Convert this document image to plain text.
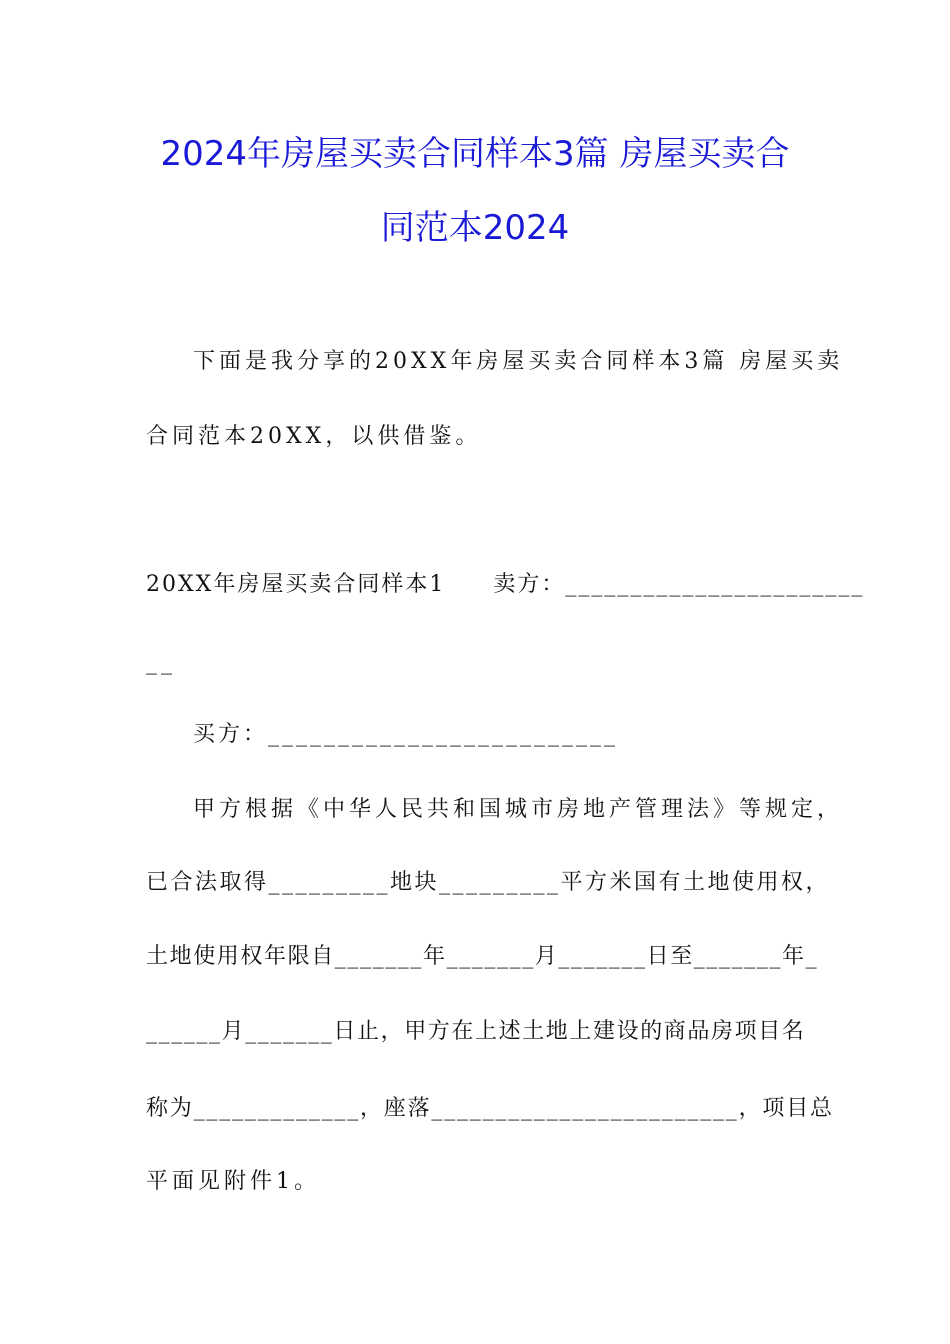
2024年房屋买卖合同样本3篇 房屋买卖合
同范本2024
下面是我分享的20XX年房屋买卖合同样本3篇 房屋买卖
合同范本20XX，以供借鉴。
20XX年房屋买卖合同样本1　　卖方：_______________________
__
买方：_________________________
甲方根据《中华人民共和国城市房地产管理法》等规定，
已合法取得_________地块_________平方米国有土地使用权，
土地使用权年限自_______年_______月_______日至_______年_
______月_______日止，甲方在上述土地上建设的商品房项目名
称为_____________，座落________________________，项目总
平面见附件1。
